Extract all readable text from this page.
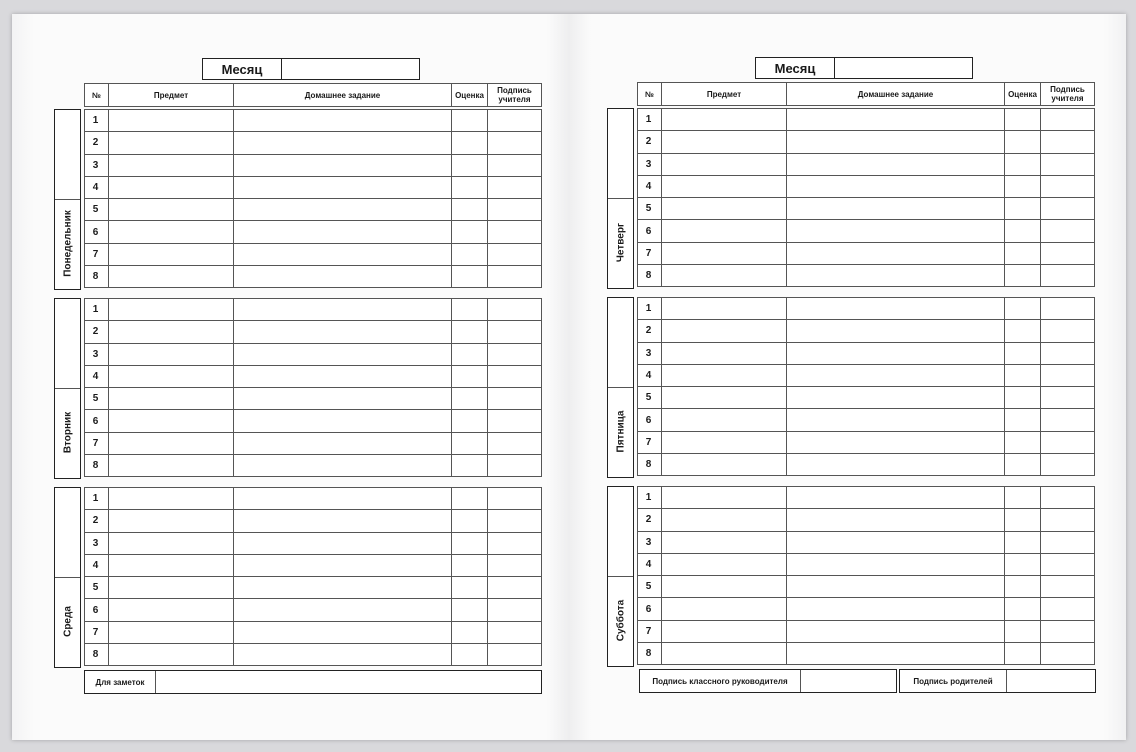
Месяц
№	Предмет	Домашнее задание	Оценка	Подпись
учителя
Понедельник
1				
2				
3				
4				
5				
6				
7				
8				
Вторник
1				
2				
3				
4				
5				
6				
7				
8				
Среда
1				
2				
3				
4				
5				
6				
7				
8				
Для заметок
Месяц
№	Предмет	Домашнее задание	Оценка	Подпись
учителя
Четверг
1				
2				
3				
4				
5				
6				
7				
8				
Пятница
1				
2				
3				
4				
5				
6				
7				
8				
Суббота
1				
2				
3				
4				
5				
6				
7				
8				
Подпись классного руководителя	Подпись родителей
